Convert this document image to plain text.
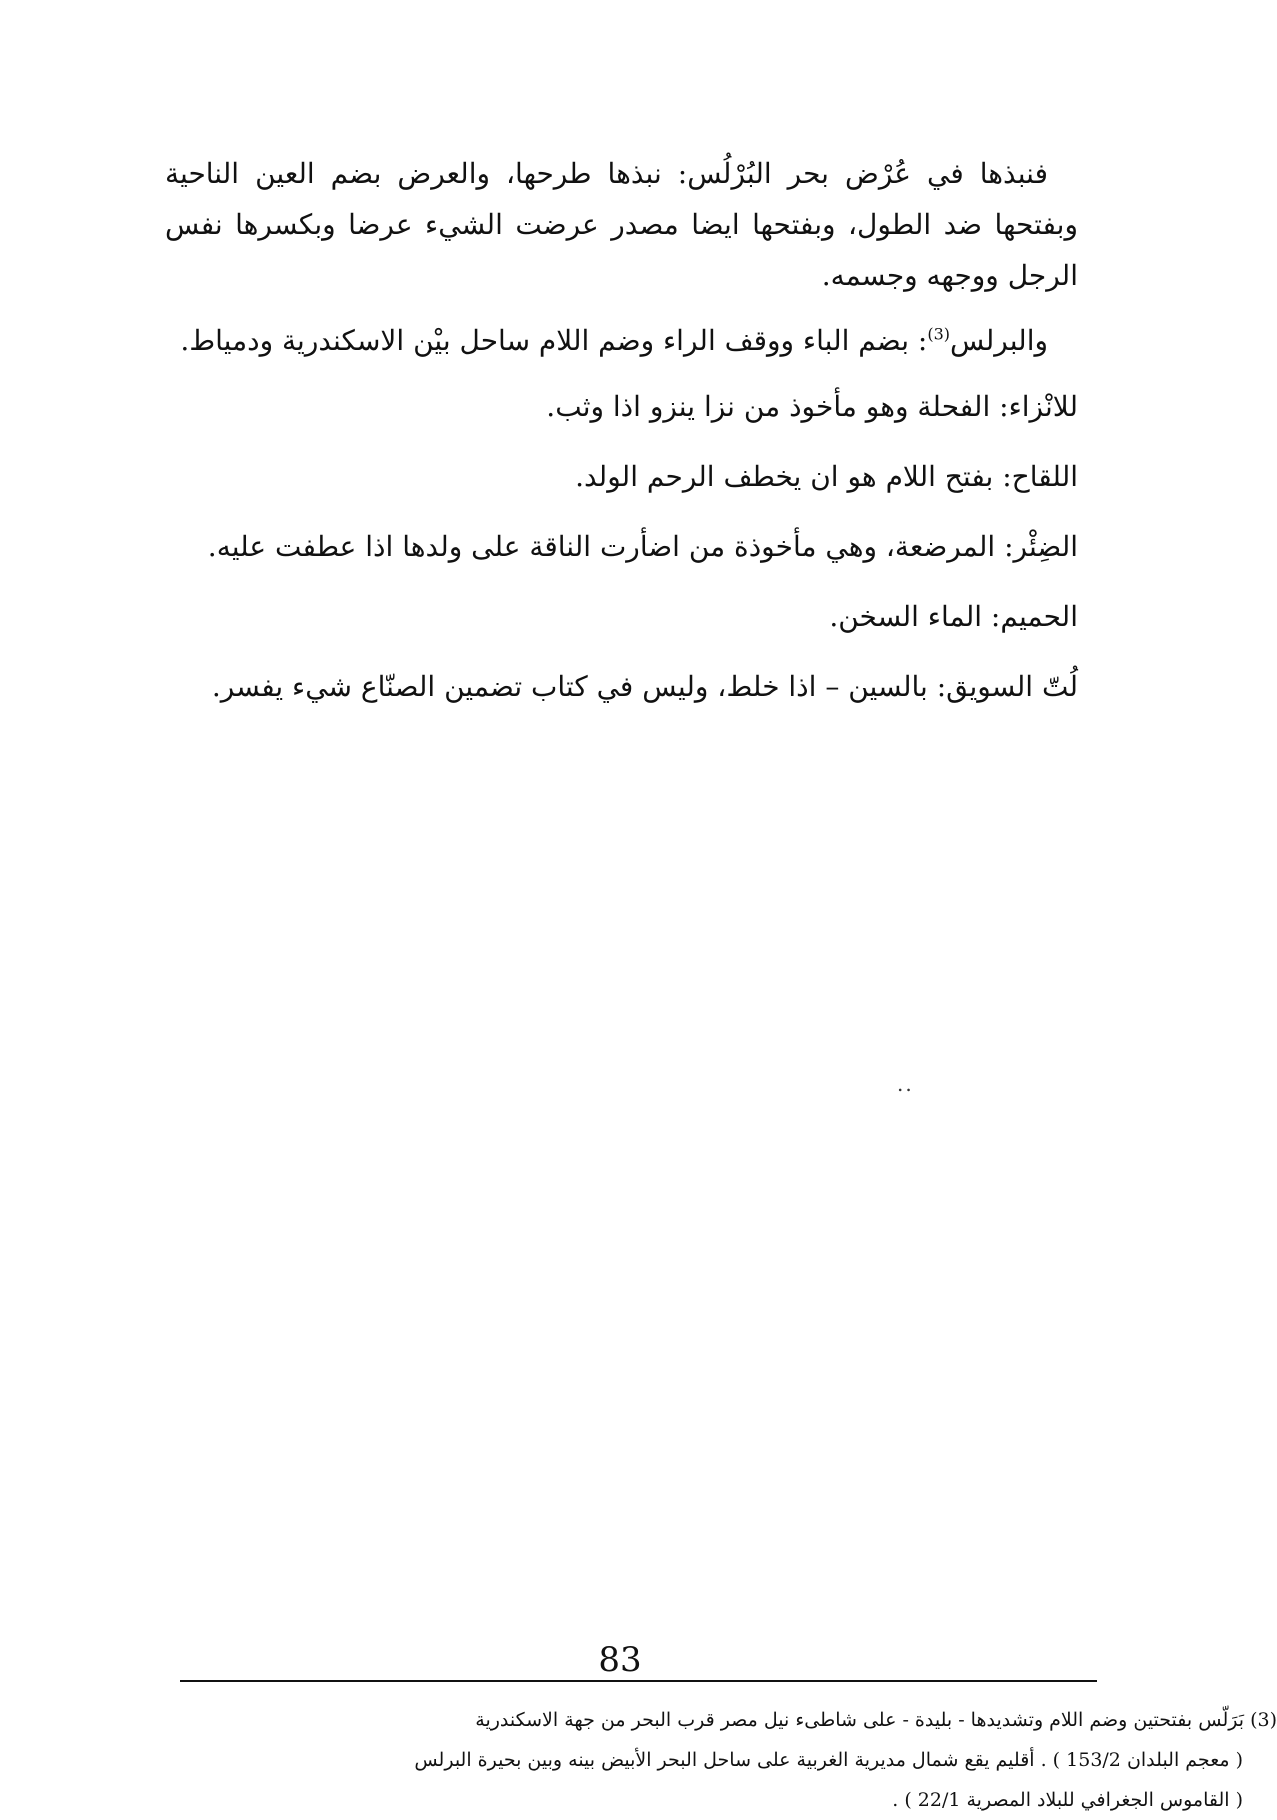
فنبذها في عُرْض بحر البُرْلُس: نبذها طرحها، والعرض بضم العين الناحية وبفتحها ضد الطول، وبفتحها ايضا مصدر عرضت الشيء عرضا وبكسرها نفس الرجل ووجهه وجسمه.

والبرلس$^{(3)}$: بضم الباء ووقف الراء وضم اللام ساحل بيْن الاسكندرية ودمياط.

للانْزاء: الفحلة وهو مأخوذ من نزا ينزو اذا وثب.

اللقاح: بفتح اللام هو ان يخطف الرحم الولد.

الضِئْر: المرضعة، وهي مأخوذة من اضأرت الناقة على ولدها اذا عطفت عليه.

الحميم: الماء السخن.

لُتّ السويق: بالسين – اذا خلط، وليس في كتاب تضمين الصنّاع شيء يفسر.

..
(3) بَرَلّس بفتحتين وضم اللام وتشديدها - بليدة - على شاطىء نيل مصر قرب البحر من جهة الاسكندرية
( معجم البلدان 153/2 ) . أقليم يقع شمال مديرية الغربية على ساحل البحر الأبيض بينه وبين بحيرة البرلس
( القاموس الجغرافي للبلاد المصرية 22/1 ) .
83
